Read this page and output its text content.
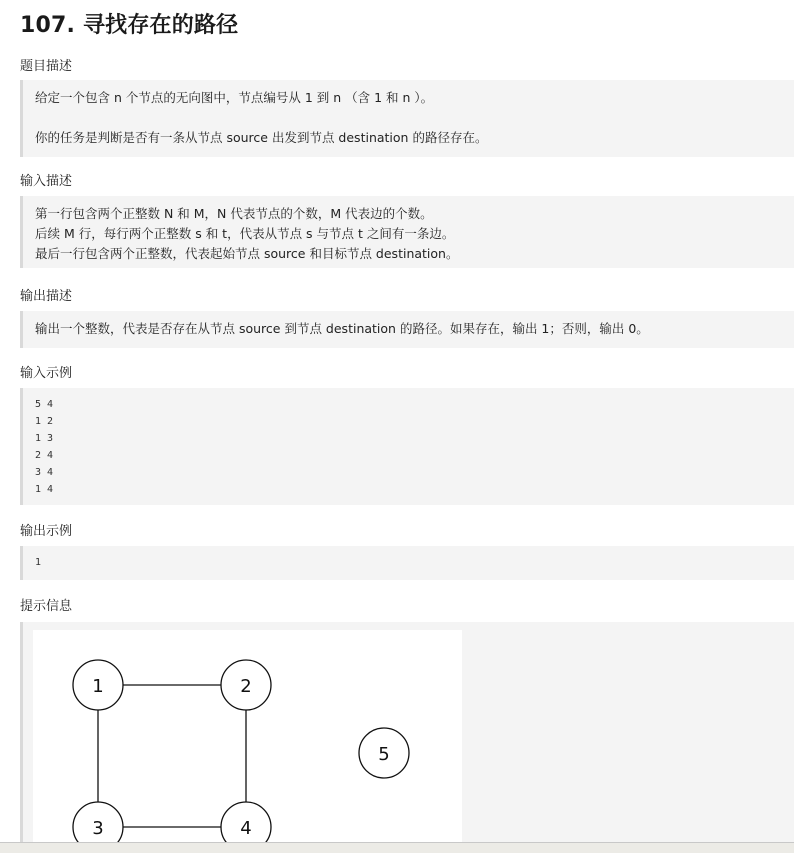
107. 寻找存在的路径
题目描述

给定一个包含 n 个节点的无向图中，节点编号从 1 到 n （含 1 和 n ）。

你的任务是判断是否有一条从节点 source 出发到节点 destination 的路径存在。

输入描述

第一行包含两个正整数 N 和 M，N 代表节点的个数，M 代表边的个数。

后续 M 行，每行两个正整数 s 和 t，代表从节点 s 与节点 t 之间有一条边。

最后一行包含两个正整数，代表起始节点 source 和目标节点 destination。

输出描述

输出一个整数，代表是否存在从节点 source 到节点 destination 的路径。如果存在，输出 1；否则，输出 0。

输入示例
5 4
1 2
1 3
2 4
3 4
1 4
输出示例
1
提示信息
1	2
3	4
5
